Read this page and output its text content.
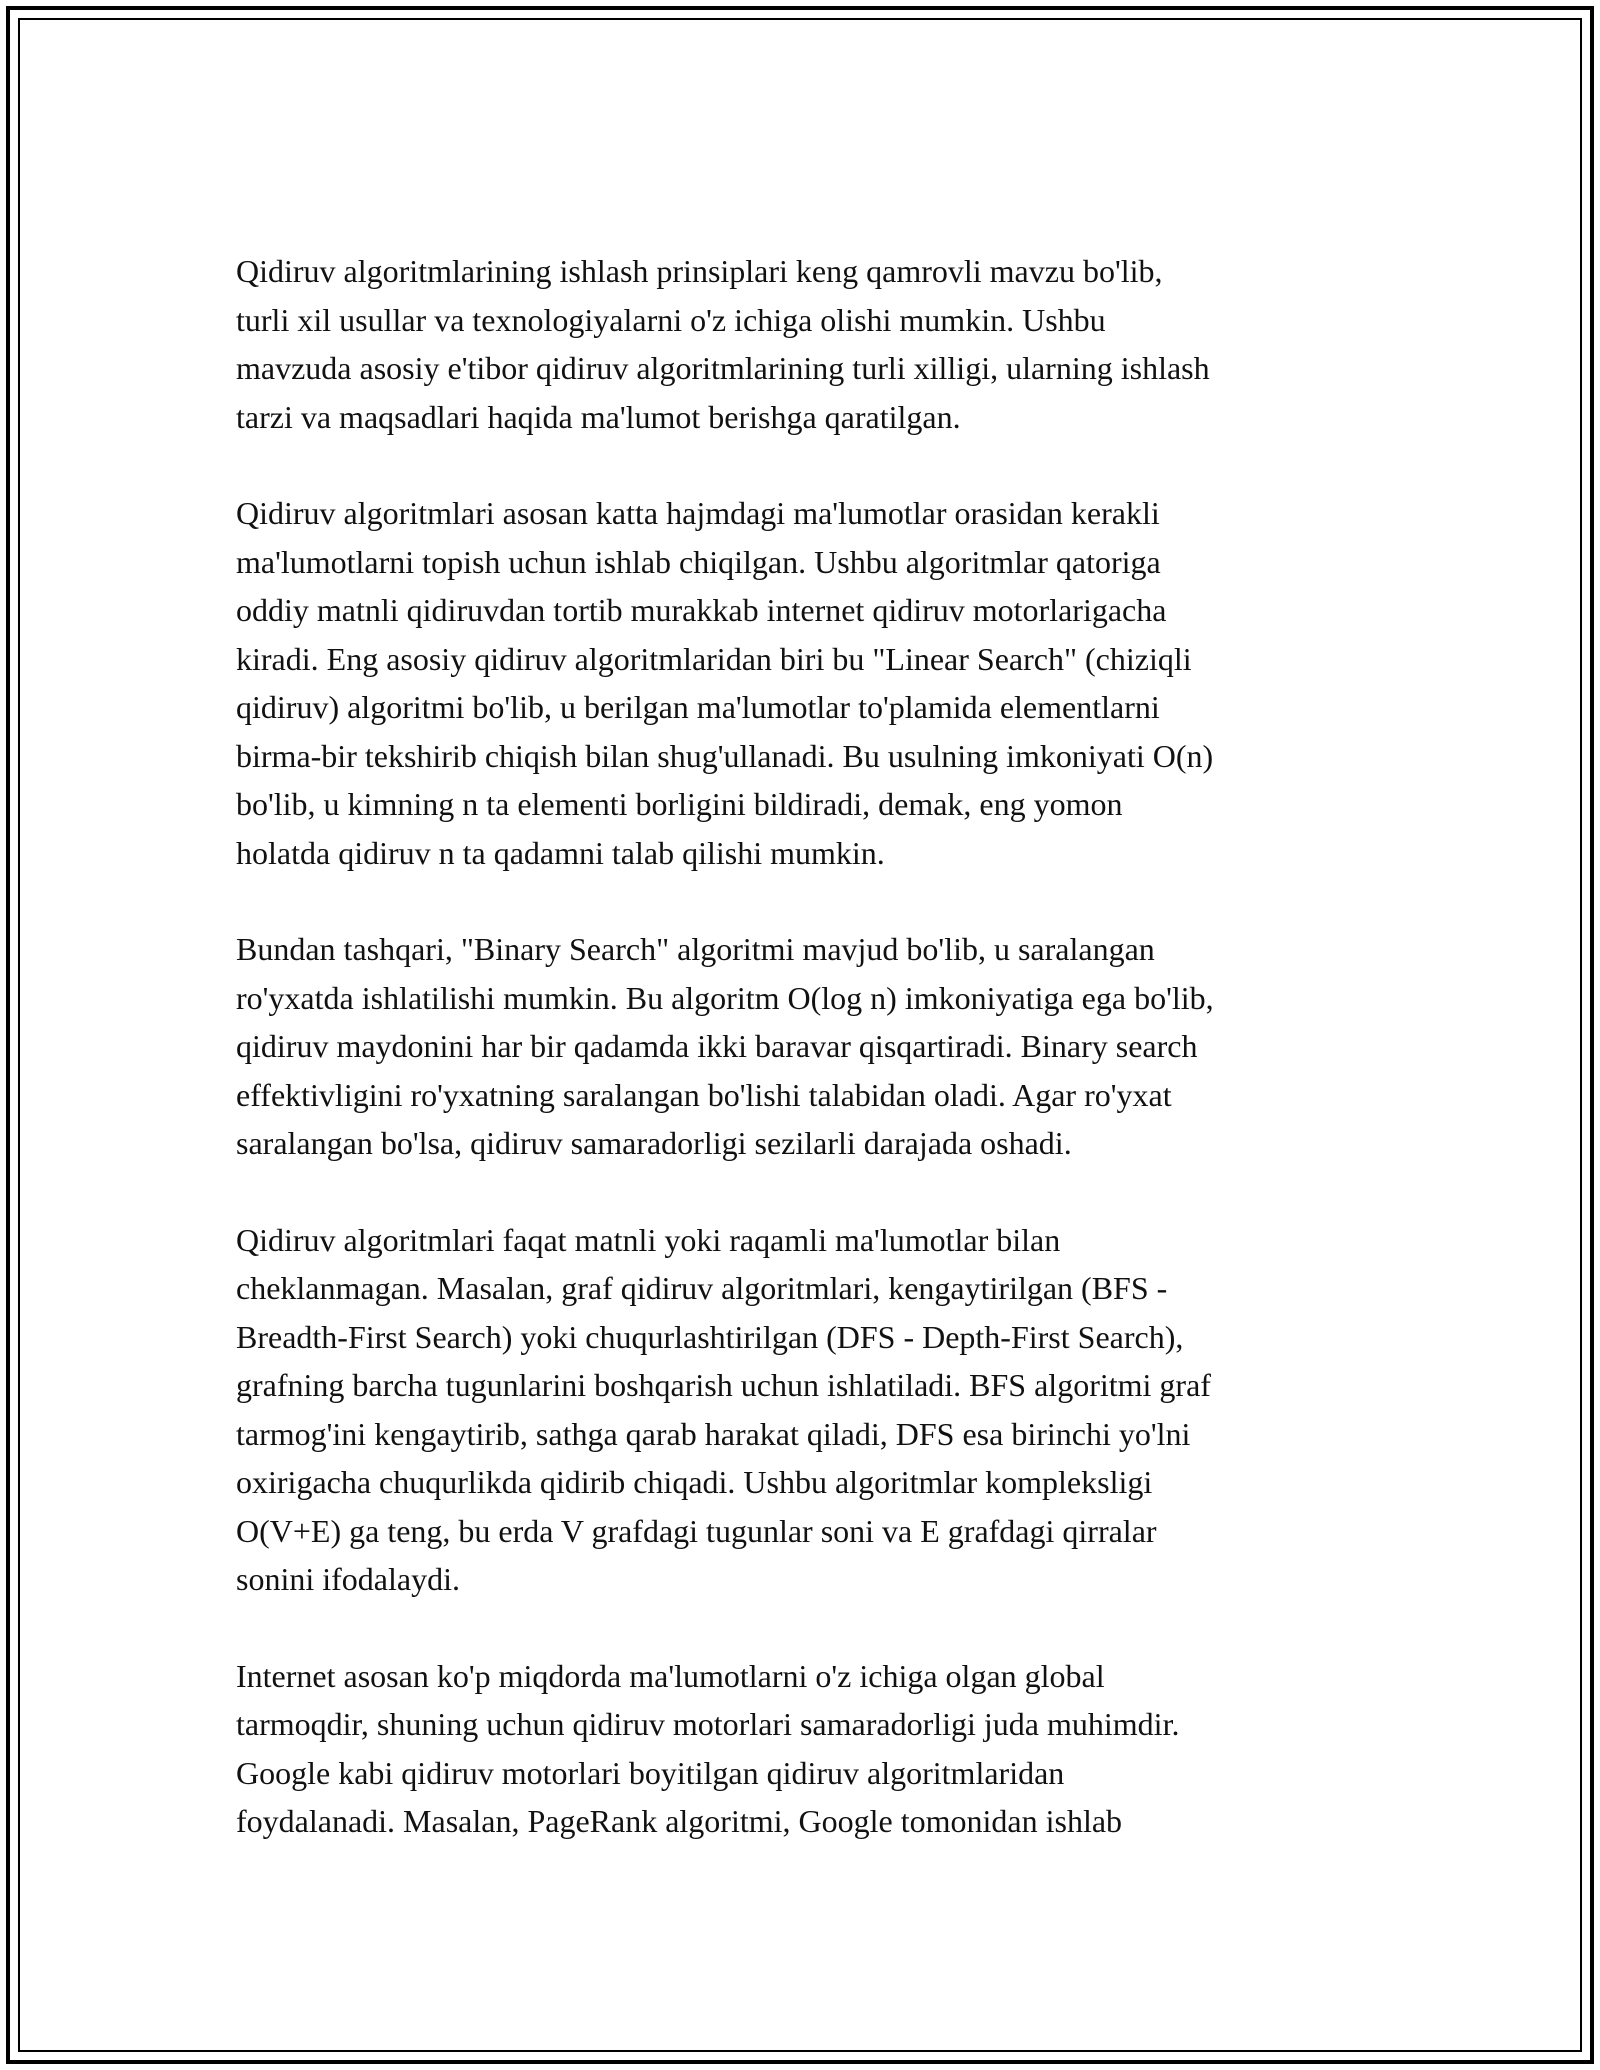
Qidiruv algoritmlarining ishlash prinsiplari keng qamrovli mavzu bo'lib,
turli xil usullar va texnologiyalarni o'z ichiga olishi mumkin. Ushbu
mavzuda asosiy e'tibor qidiruv algoritmlarining turli xilligi, ularning ishlash
tarzi va maqsadlari haqida ma'lumot berishga qaratilgan.

Qidiruv algoritmlari asosan katta hajmdagi ma'lumotlar orasidan kerakli
ma'lumotlarni topish uchun ishlab chiqilgan. Ushbu algoritmlar qatoriga
oddiy matnli qidiruvdan tortib murakkab internet qidiruv motorlarigacha
kiradi. Eng asosiy qidiruv algoritmlaridan biri bu "Linear Search" (chiziqli
qidiruv) algoritmi bo'lib, u berilgan ma'lumotlar to'plamida elementlarni
birma-bir tekshirib chiqish bilan shug'ullanadi. Bu usulning imkoniyati O(n)
bo'lib, u kimning n ta elementi borligini bildiradi, demak, eng yomon
holatda qidiruv n ta qadamni talab qilishi mumkin.

Bundan tashqari, "Binary Search" algoritmi mavjud bo'lib, u saralangan
ro'yxatda ishlatilishi mumkin. Bu algoritm O(log n) imkoniyatiga ega bo'lib,
qidiruv maydonini har bir qadamda ikki baravar qisqartiradi. Binary search
effektivligini ro'yxatning saralangan bo'lishi talabidan oladi. Agar ro'yxat
saralangan bo'lsa, qidiruv samaradorligi sezilarli darajada oshadi.

Qidiruv algoritmlari faqat matnli yoki raqamli ma'lumotlar bilan
cheklanmagan. Masalan, graf qidiruv algoritmlari, kengaytirilgan (BFS -
Breadth-First Search) yoki chuqurlashtirilgan (DFS - Depth-First Search),
grafning barcha tugunlarini boshqarish uchun ishlatiladi. BFS algoritmi graf
tarmog'ini kengaytirib, sathga qarab harakat qiladi, DFS esa birinchi yo'lni
oxirigacha chuqurlikda qidirib chiqadi. Ushbu algoritmlar kompleksligi
O(V+E) ga teng, bu erda V grafdagi tugunlar soni va E grafdagi qirralar
sonini ifodalaydi.

Internet asosan ko'p miqdorda ma'lumotlarni o'z ichiga olgan global
tarmoqdir, shuning uchun qidiruv motorlari samaradorligi juda muhimdir.
Google kabi qidiruv motorlari boyitilgan qidiruv algoritmlaridan
foydalanadi. Masalan, PageRank algoritmi, Google tomonidan ishlab
